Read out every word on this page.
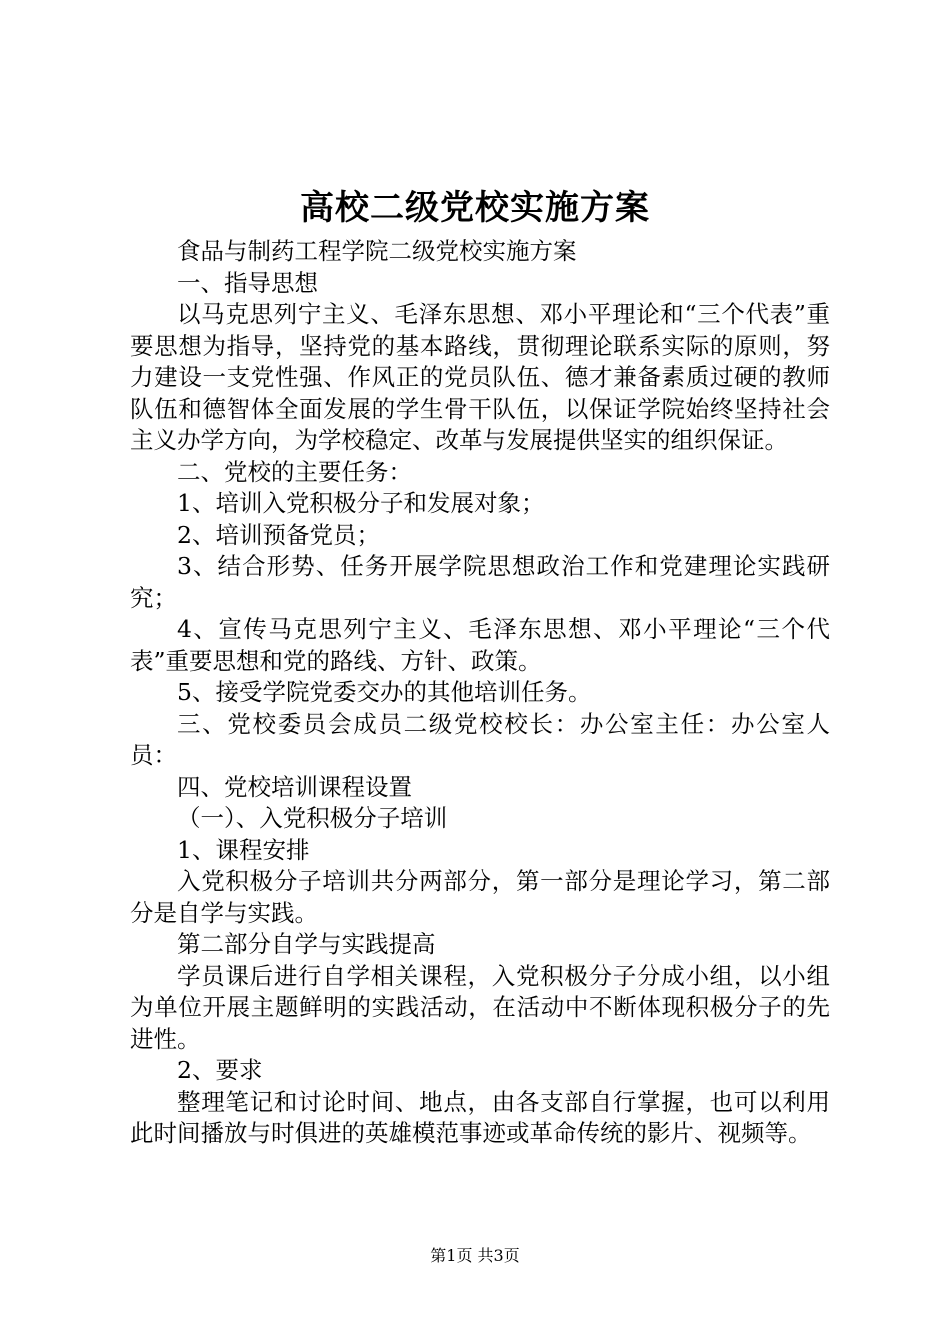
高校二级党校实施方案

食品与制药工程学院二级党校实施方案

一、指导思想

以马克思列宁主义、毛泽东思想、邓小平理论和“三个代表”重要思想为指导，坚持党的基本路线，贯彻理论联系实际的原则，努力建设一支党性强、作风正的党员队伍、德才兼备素质过硬的教师队伍和德智体全面发展的学生骨干队伍，以保证学院始终坚持社会主义办学方向，为学校稳定、改革与发展提供坚实的组织保证。

二、党校的主要任务：

1、培训入党积极分子和发展对象；

2、培训预备党员；

3、结合形势、任务开展学院思想政治工作和党建理论实践研究；

4、宣传马克思列宁主义、毛泽东思想、邓小平理论“三个代表”重要思想和党的路线、方针、政策。

5、接受学院党委交办的其他培训任务。

三、党校委员会成员二级党校校长：办公室主任：办公室人员：

四、党校培训课程设置

（一）、入党积极分子培训

1、课程安排

入党积极分子培训共分两部分，第一部分是理论学习，第二部分是自学与实践。

第二部分自学与实践提高

学员课后进行自学相关课程，入党积极分子分成小组，以小组为单位开展主题鲜明的实践活动，在活动中不断体现积极分子的先进性。

2、要求

整理笔记和讨论时间、地点，由各支部自行掌握，也可以利用此时间播放与时俱进的英雄模范事迹或革命传统的影片、视频等。

第1页 共3页
